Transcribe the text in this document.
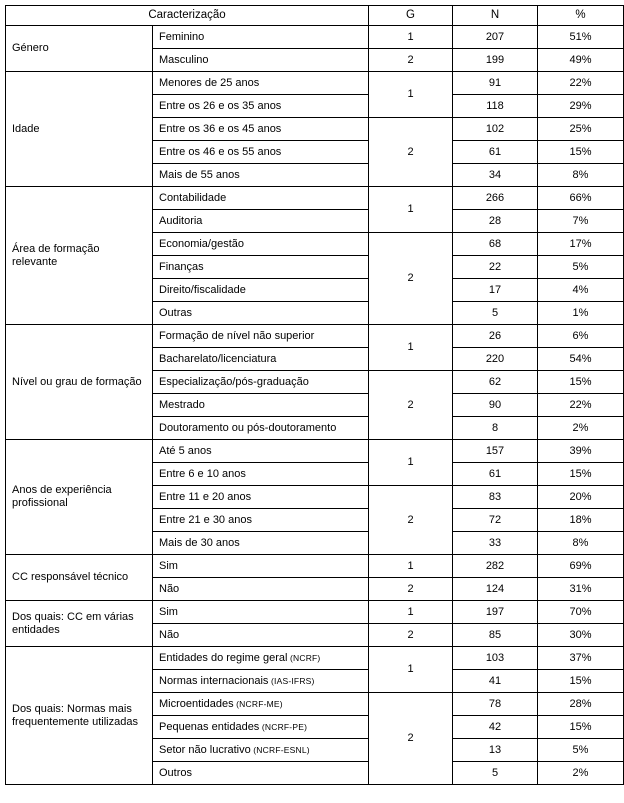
Caracterização		G	N	%
Género	Feminino	1	207	51%
	Masculino	2	199	49%
Idade	Menores de 25 anos	1	91	22%
	Entre os 26 e os 35 anos		118	29%
	Entre os 36 e os 45 anos	2	102	25%
	Entre os 46 e os 55 anos		61	15%
	Mais de 55 anos		34	8%
Área de formação relevante	Contabilidade	1	266	66%
	Auditoria		28	7%
	Economia/gestão	2	68	17%
	Finanças		22	5%
	Direito/fiscalidade		17	4%
	Outras		5	1%
Nível ou grau de formação	Formação de nível não superior	1	26	6%
	Bacharelato/licenciatura		220	54%
	Especialização/pós-graduação	2	62	15%
	Mestrado		90	22%
	Doutoramento ou pós-doutoramento		8	2%
Anos de experiência profissional	Até 5 anos	1	157	39%
	Entre 6 e 10 anos		61	15%
	Entre 11 e 20 anos	2	83	20%
	Entre 21 e 30 anos		72	18%
	Mais de 30 anos		33	8%
CC responsável técnico	Sim	1	282	69%
	Não	2	124	31%
Dos quais: CC em várias entidades	Sim	1	197	70%
	Não	2	85	30%
Dos quais: Normas mais frequentemente utilizadas	Entidades do regime geral (NCRF)	1	103	37%
	Normas internacionais (IAS-IFRS)		41	15%
	Microentidades (NCRF-ME)	2	78	28%
	Pequenas entidades (NCRF-PE)		42	15%
	Setor não lucrativo (NCRF-ESNL)		13	5%
	Outros		5	2%
